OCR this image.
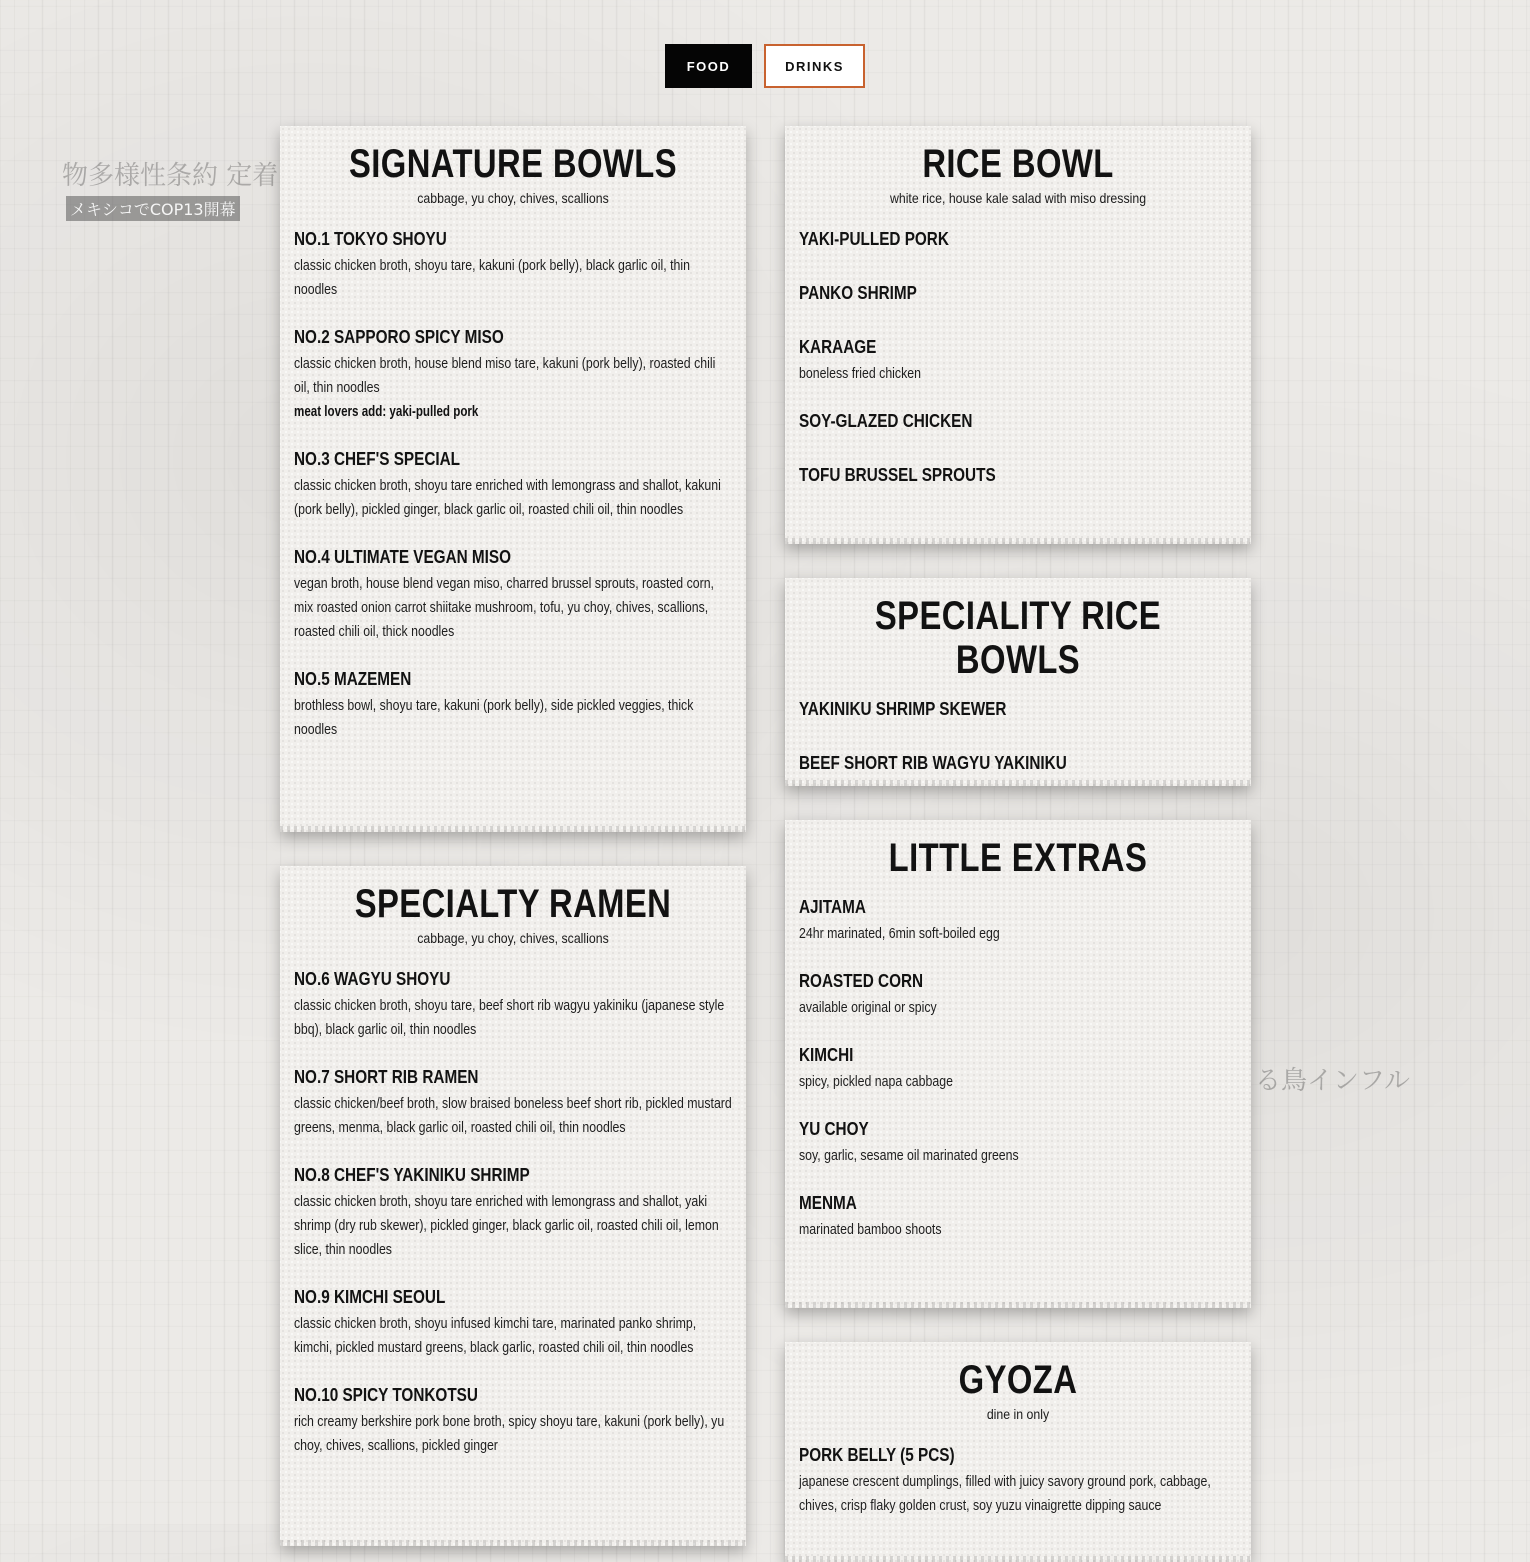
物多様性条約 定着
メキシコでCOP13開幕
る鳥インフル
FOOD	DRINKS
SIGNATURE BOWLS
cabbage, yu choy, chives, scallions
NO.1 TOKYO SHOYU
classic chicken broth, shoyu tare, kakuni (pork belly), black garlic oil, thin noodles
NO.2 SAPPORO SPICY MISO
classic chicken broth, house blend miso tare, kakuni (pork belly), roasted chili oil, thin noodles
meat lovers add: yaki-pulled pork
NO.3 CHEF'S SPECIAL
classic chicken broth, shoyu tare enriched with lemongrass and shallot, kakuni (pork belly), pickled ginger, black garlic oil, roasted chili oil, thin noodles
NO.4 ULTIMATE VEGAN MISO
vegan broth, house blend vegan miso, charred brussel sprouts, roasted corn, mix roasted onion carrot shiitake mushroom, tofu, yu choy, chives, scallions, roasted chili oil, thick noodles
NO.5 MAZEMEN
brothless bowl, shoyu tare, kakuni (pork belly), side pickled veggies, thick noodles
SPECIALTY RAMEN
cabbage, yu choy, chives, scallions
NO.6 WAGYU SHOYU
classic chicken broth, shoyu tare, beef short rib wagyu yakiniku (japanese style bbq), black garlic oil, thin noodles
NO.7 SHORT RIB RAMEN
classic chicken/beef broth, slow braised boneless beef short rib, pickled mustard greens, menma, black garlic oil, roasted chili oil, thin noodles
NO.8 CHEF'S YAKINIKU SHRIMP
classic chicken broth, shoyu tare enriched with lemongrass and shallot, yaki shrimp (dry rub skewer), pickled ginger, black garlic oil, roasted chili oil, lemon slice, thin noodles
NO.9 KIMCHI SEOUL
classic chicken broth, shoyu infused kimchi tare, marinated panko shrimp, kimchi, pickled mustard greens, black garlic, roasted chili oil, thin noodles
NO.10 SPICY TONKOTSU
rich creamy berkshire pork bone broth, spicy shoyu tare, kakuni (pork belly), yu choy, chives, scallions, pickled ginger
RICE BOWL
white rice, house kale salad with miso dressing
YAKI-PULLED PORK
PANKO SHRIMP
KARAAGE
boneless fried chicken
SOY-GLAZED CHICKEN
TOFU BRUSSEL SPROUTS
SPECIALITY RICE BOWLS
YAKINIKU SHRIMP SKEWER
BEEF SHORT RIB WAGYU YAKINIKU
LITTLE EXTRAS
AJITAMA
24hr marinated, 6min soft-boiled egg
ROASTED CORN
available original or spicy
KIMCHI
spicy, pickled napa cabbage
YU CHOY
soy, garlic, sesame oil marinated greens
MENMA
marinated bamboo shoots
GYOZA
dine in only
PORK BELLY (5 PCS)
japanese crescent dumplings, filled with juicy savory ground pork, cabbage, chives, crisp flaky golden crust, soy yuzu vinaigrette dipping sauce
